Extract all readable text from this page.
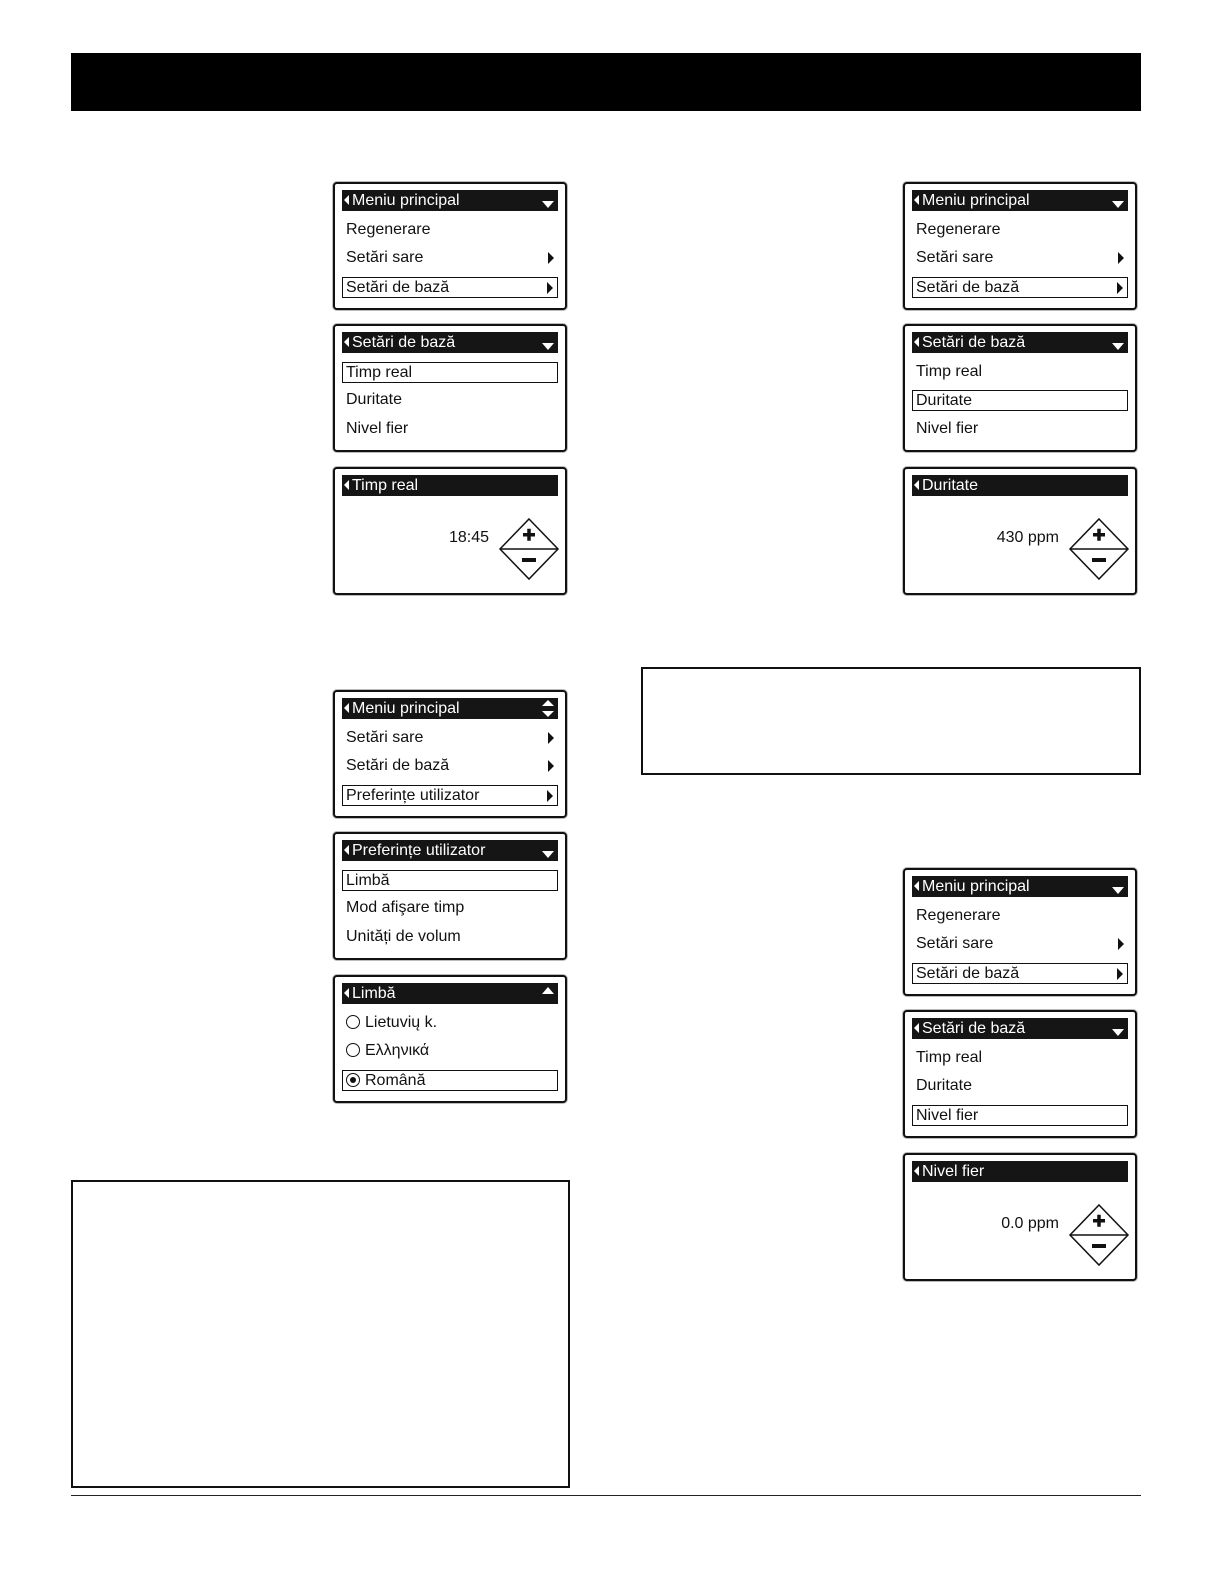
Meniu principal
Regenerare
Setări sare
Setări de bază
Setări de bază
Timp real
Duritate
Nivel fier
Timp real
18:45
Meniu principal
Setări sare
Setări de bază
Preferințe utilizator
Preferințe utilizator
Limbă
Mod afişare timp
Unități de volum
Limbă
Lietuvių k.
Ελληνικά
Română
Meniu principal
Regenerare
Setări sare
Setări de bază
Setări de bază
Timp real
Duritate
Nivel fier
Duritate
430 ppm
Meniu principal
Regenerare
Setări sare
Setări de bază
Setări de bază
Timp real
Duritate
Nivel fier
Nivel fier
0.0 ppm
